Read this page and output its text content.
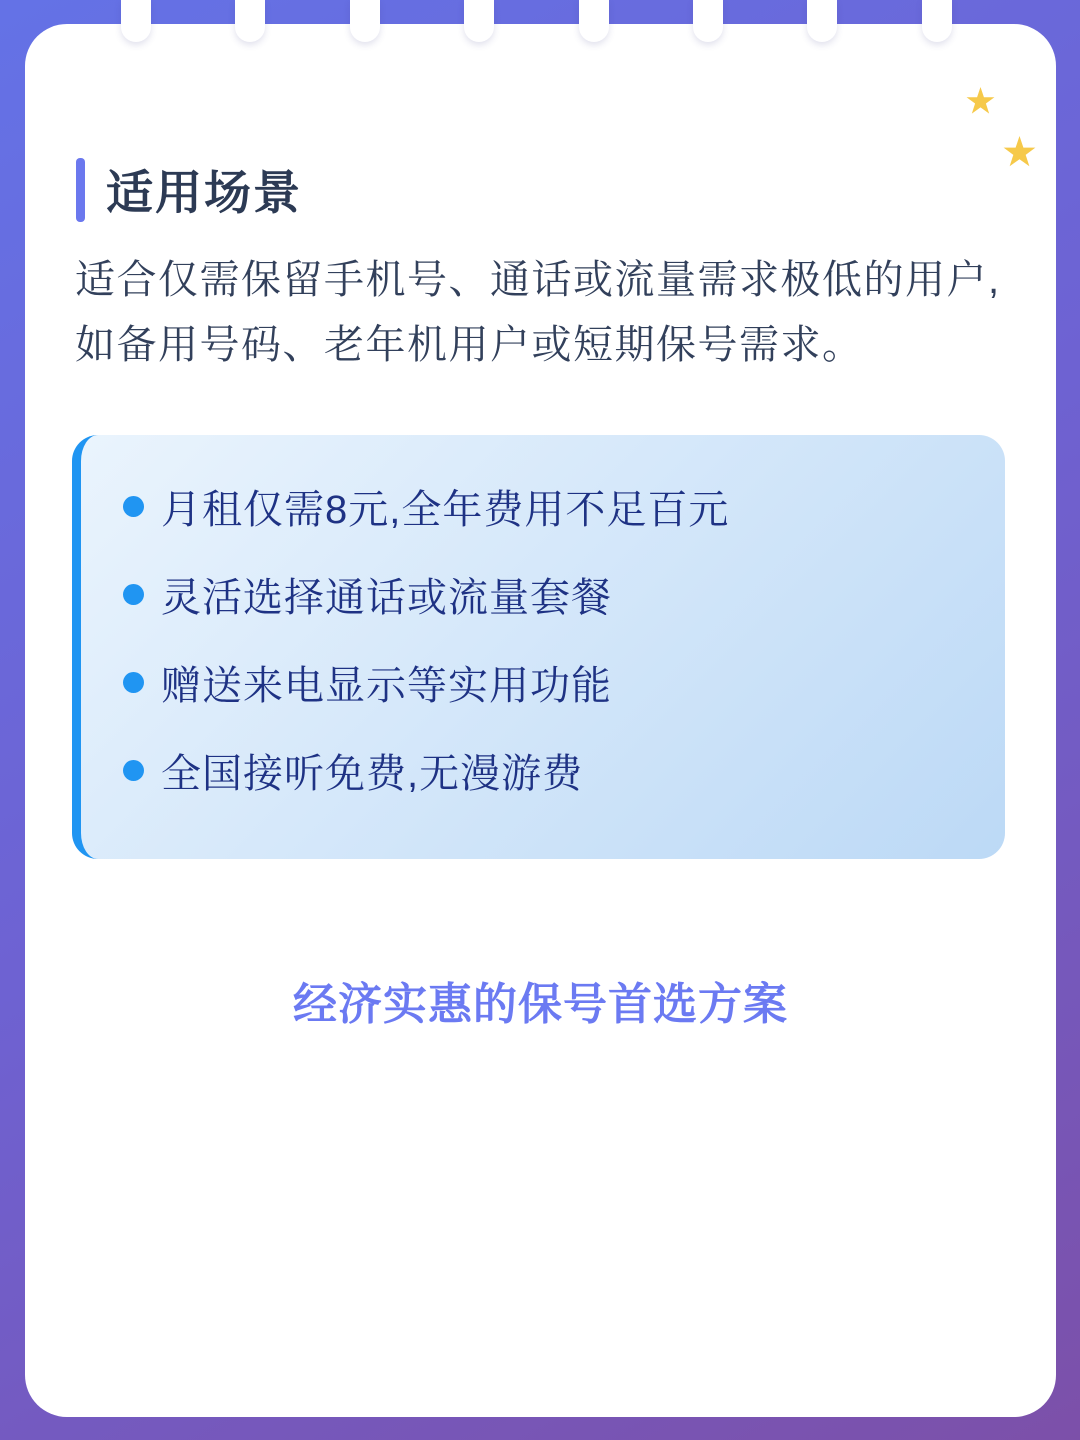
适用场景

适合仅需保留手机号、通话或流量需求极低的用户,如备用号码、老年机用户或短期保号需求。

月租仅需8元,全年费用不足百元
灵活选择通话或流量套餐
赠送来电显示等实用功能
全国接听免费,无漫游费
经济实惠的保号首选方案
